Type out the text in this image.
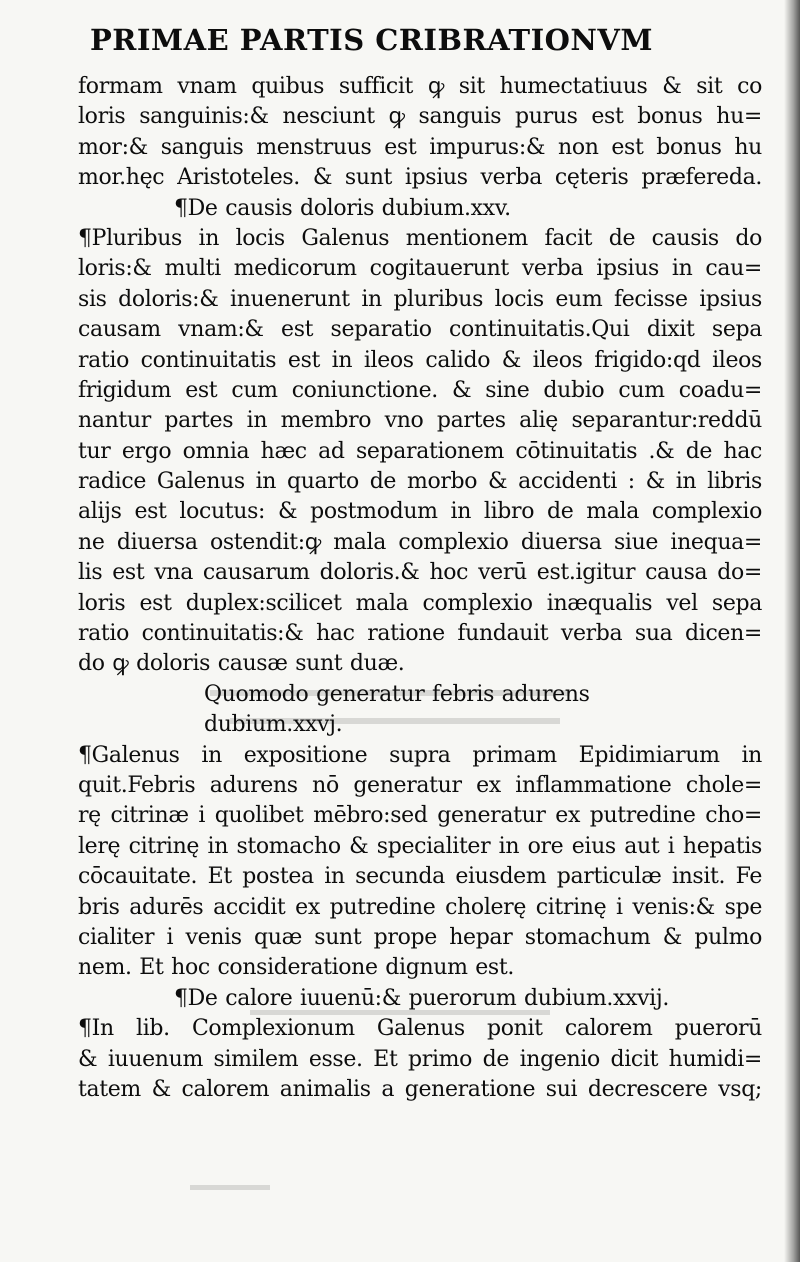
PRIMAE PARTIS CRIBRATIONVM
formam vnam quibus sufficit ꝙ sit humectatiuus & sit co
loris sanguinis:& nesciunt ꝙ sanguis purus est bonus hu=
mor:& sanguis menstruus est impurus:& non est bonus hu
mor.hęc Aristoteles. & sunt ipsius verba cęteris præfereda.
¶De causis doloris dubium.xxv.
¶Pluribus in locis Galenus mentionem facit de causis do
loris:& multi medicorum cogitauerunt verba ipsius in cau=
sis doloris:& inuenerunt in pluribus locis eum fecisse ipsius
causam vnam:& est separatio continuitatis.Qui dixit sepa
ratio continuitatis est in ileos calido & ileos frigido:qd ileos
frigidum est cum coniunctione. & sine dubio cum coadu=
nantur partes in membro vno partes alię separantur:reddū
tur ergo omnia hæc ad separationem cōtinuitatis .& de hac
radice Galenus in quarto de morbo & accidenti : & in libris
alijs est locutus: & postmodum in libro de mala complexio
ne diuersa ostendit:ꝙ mala complexio diuersa siue inequa=
lis est vna causarum doloris.& hoc verū est.igitur causa do=
loris est duplex:scilicet mala complexio inæqualis vel sepa
ratio continuitatis:& hac ratione fundauit verba sua dicen=
do ꝙ doloris causæ sunt duæ.
Quomodo generatur febris adurens
dubium.xxvj.
¶Galenus in expositione supra primam Epidimiarum in
quit.Febris adurens nō generatur ex inflammatione chole=
rę citrinæ i quolibet mēbro:sed generatur ex putredine cho=
lerę citrinę in stomacho & specialiter in ore eius aut i hepatis
cōcauitate. Et postea in secunda eiusdem particulæ insit. Fe
bris adurēs accidit ex putredine cholerę citrinę i venis:& spe
cialiter i venis quæ sunt prope hepar stomachum & pulmo
nem. Et hoc consideratione dignum est.
¶De calore iuuenū:& puerorum dubium.xxvij.
¶In lib. Complexionum Galenus ponit calorem puerorū
& iuuenum similem esse. Et primo de ingenio dicit humidi=
tatem & calorem animalis a generatione sui decrescere vsq;
